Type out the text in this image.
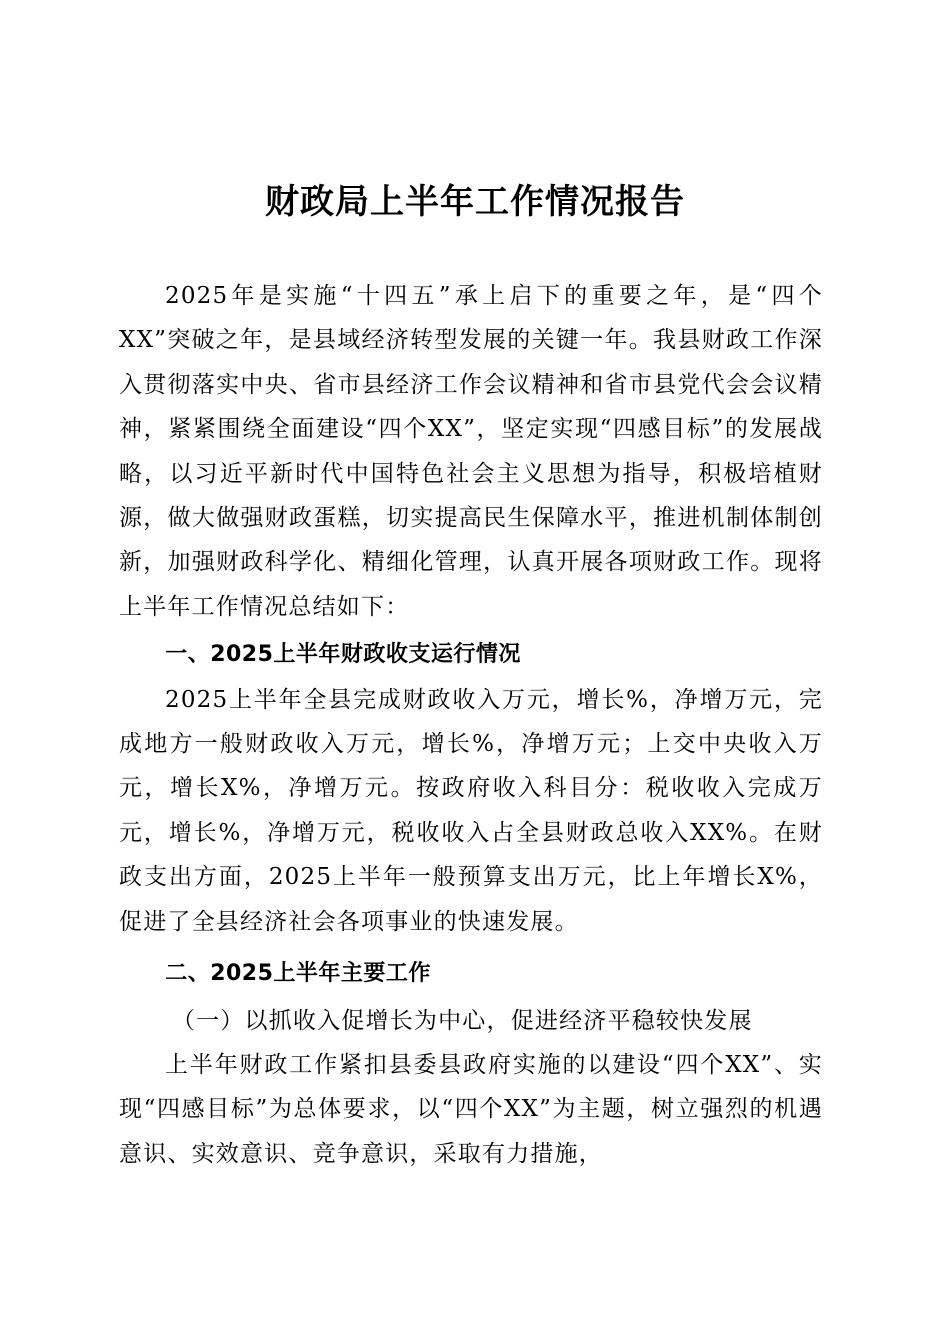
财政局上半年工作情况报告

2025年是实施“十四五”承上启下的重要之年，是“四个XX”突破之年，是县域经济转型发展的关键一年。我县财政工作深入贯彻落实中央、省市县经济工作会议精神和省市县党代会会议精神，紧紧围绕全面建设“四个XX”，坚定实现“四感目标”的发展战略，以习近平新时代中国特色社会主义思想为指导，积极培植财源，做大做强财政蛋糕，切实提高民生保障水平，推进机制体制创新，加强财政科学化、精细化管理，认真开展各项财政工作。现将上半年工作情况总结如下：

一、2025上半年财政收支运行情况

2025上半年全县完成财政收入万元，增长%，净增万元，完成地方一般财政收入万元，增长%，净增万元；上交中央收入万元，增长X%，净增万元。按政府收入科目分：税收收入完成万元，增长%，净增万元，税收收入占全县财政总收入XX%。在财政支出方面，2025上半年一般预算支出万元，比上年增长X%，促进了全县经济社会各项事业的快速发展。

二、2025上半年主要工作

（一）以抓收入促增长为中心，促进经济平稳较快发展

上半年财政工作紧扣县委县政府实施的以建设“四个XX”、实现“四感目标”为总体要求，以“四个XX”为主题，树立强烈的机遇意识、实效意识、竞争意识，采取有力措施，
